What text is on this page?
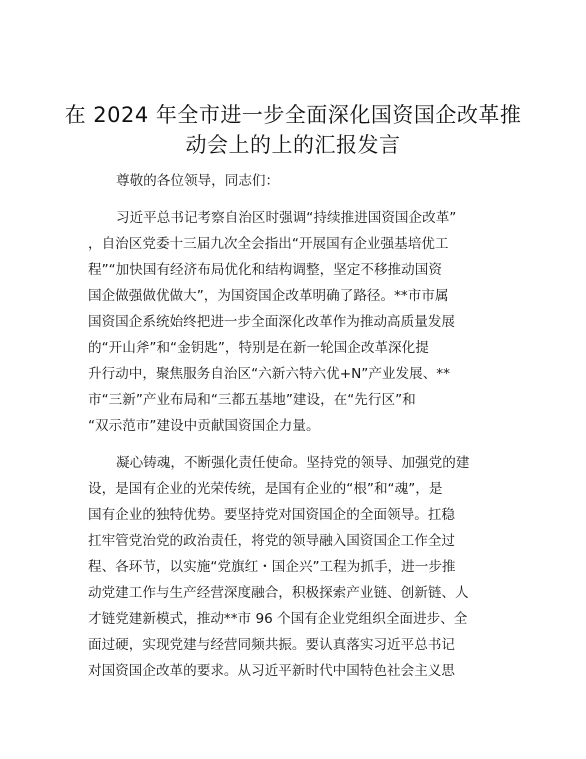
在 2024 年全市进一步全面深化国资国企改革推
动会上的上的汇报发言
尊敬的各位领导，同志们：
习近平总书记考察自治区时强调“持续推进国资国企改革”
，自治区党委十三届九次全会指出“开展国有企业强基培优工
程”“加快国有经济布局优化和结构调整，坚定不移推动国资
国企做强做优做大”，为国资国企改革明确了路径。**市市属
国资国企系统始终把进一步全面深化改革作为推动高质量发展
的“开山斧”和“金钥匙”，特别是在新一轮国企改革深化提
升行动中，聚焦服务自治区“六新六特六优+N”产业发展、**
市“三新”产业布局和“三都五基地”建设，在“先行区”和
“双示范市”建设中贡献国资国企力量。
凝心铸魂，不断强化责任使命。坚持党的领导、加强党的建
设，是国有企业的光荣传统，是国有企业的“根”和“魂”，是
国有企业的独特优势。要坚持党对国资国企的全面领导。扛稳
扛牢管党治党的政治责任，将党的领导融入国资国企工作全过
程、各环节，以实施“党旗红・国企兴”工程为抓手，进一步推
动党建工作与生产经营深度融合，积极探索产业链、创新链、人
才链党建新模式，推动**市 96 个国有企业党组织全面进步、全
面过硬，实现党建与经营同频共振。要认真落实习近平总书记
对国资国企改革的要求。从习近平新时代中国特色社会主义思
